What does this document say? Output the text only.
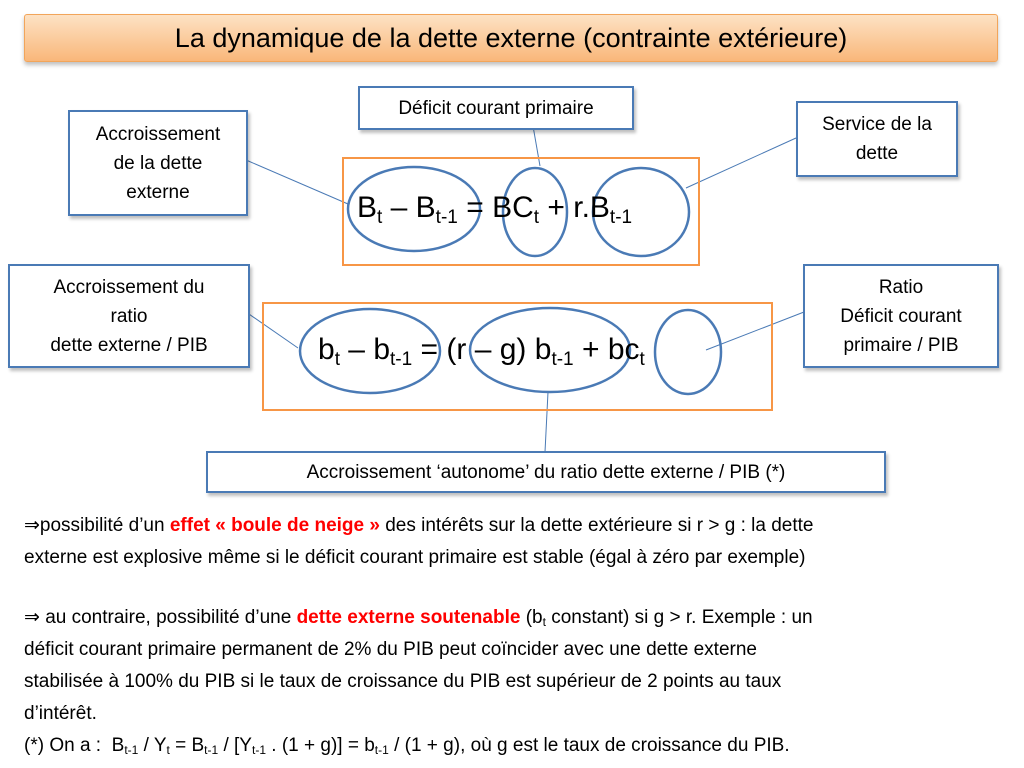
La dynamique de la dette externe (contrainte extérieure)
$B_t - B_{t-1} = BC_t + r.B_{t-1}$
$b_t - b_{t-1} = (r - g) b_{t-1} + bc_t$
Déficit courant primaire
Accroissement
de la dette
externe
Service de la
dette
Accroissement du
ratio
dette externe / PIB
Ratio
Déficit courant
primaire / PIB
Accroissement ‘autonome’ du ratio dette externe / PIB (*)
⇒possibilité d’un effet « boule de neige » des intérêts sur la dette extérieure si r > g : la dette
externe est explosive même si le déficit courant primaire est stable (égal à zéro par exemple)
⇒ au contraire, possibilité d’une dette externe soutenable ($b_t$ constant) si g > r. Exemple : un
déficit courant primaire permanent de 2% du PIB peut coïncider avec une dette externe
stabilisée à 100% du PIB si le taux de croissance du PIB est supérieur de 2 points au taux
d’intérêt.
(*) On a :  $B_{t-1} / Y_t = B_{t-1} / [Y_{t-1}$ . $(1 + g)] = b_{t-1} / (1 + g)$, où g est le taux de croissance du PIB.
